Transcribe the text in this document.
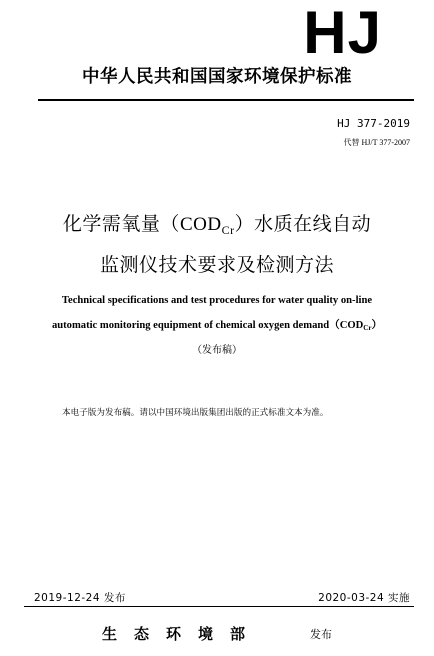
HJ
中华人民共和国国家环境保护标准
HJ 377-2019
代替 HJ/T 377-2007
化学需氧量$(COD_{Cr})$水质在线自动
监测仪技术要求及检测方法
Technical specifications and test procedures for water quality on-line
automatic monitoring equipment of chemical oxygen demand（CODCr）
（发布稿）
本电子版为发布稿。请以中国环境出版集团出版的正式标准文本为准。
2019-12-24 发布	2020-03-24 实施
生态环境部	发布
